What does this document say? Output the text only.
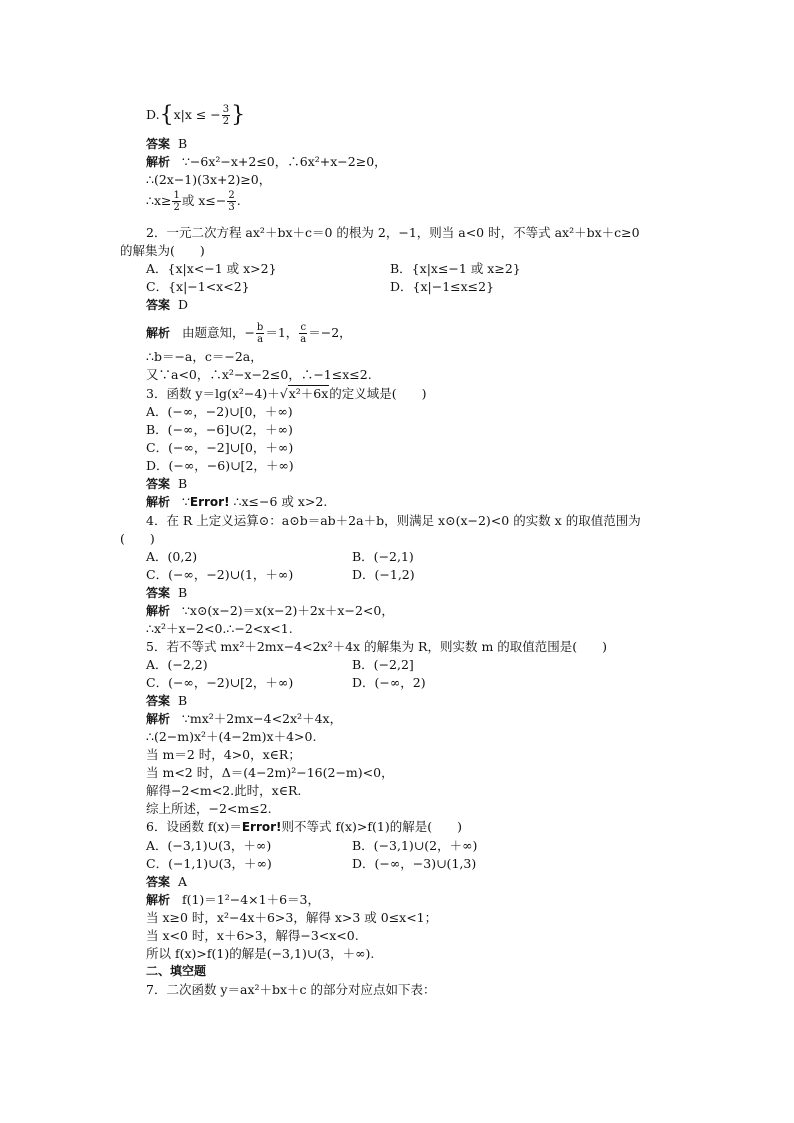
D.{x|x ≤ − $\frac{3}{2}$ }
答案 B
解析 ∵−6x²−x+2≤0，∴6x²+x−2≥0，
∴(2x−1)(3x+2)≥0，
∴x≥ $\frac{1}{2}$ 或 $x\le- \frac{2}{3}$ .
2．一元二次方程 ax²＋bx＋c＝0 的根为 2，−1，则当 a<0 时，不等式 ax²＋bx＋c≥0
的解集为(　　)
A．{x|x<−1 或 x>2}	B．{x|x≤−1 或 x≥2}
C．{x|−1<x<2}	D．{x|−1≤x≤2}
答案 D
解析 由题意知，− $\frac{b}{a} =1$， $\frac{c}{a} =-2$，
∴b＝−a，c＝−2a，
又∵a<0，∴x²−x−2≤0，∴−1≤x≤2.
3．函数 y＝lg(x²−4)＋√x²＋6x的定义域是(　　)
A．(−∞，−2)∪[0，＋∞)
B．(−∞，−6]∪(2，＋∞)
C．(−∞，−2]∪[0，＋∞)
D．(−∞，−6)∪[2，＋∞)
答案 B
解析 ∵Error! ∴x≤−6 或 x>2.
4．在 R 上定义运算⊙：a⊙b＝ab＋2a＋b，则满足 x⊙(x−2)<0 的实数 x 的取值范围为
(　　)
A．(0,2)	B．(−2,1)
C．(−∞，−2)∪(1，＋∞)	D．(−1,2)
答案 B
解析 ∵x⊙(x−2)＝x(x−2)＋2x＋x−2<0，
∴x²＋x−2<0.∴−2<x<1.
5．若不等式 mx²＋2mx−4<2x²＋4x 的解集为 R，则实数 m 的取值范围是(　　)
A．(−2,2)	B．(−2,2]
C．(−∞，−2)∪[2，＋∞)	D．(−∞，2)
答案 B
解析 ∵mx²＋2mx−4<2x²＋4x，
∴(2−m)x²＋(4−2m)x＋4>0.
当 m＝2 时，4>0，x∈R；
当 m<2 时，Δ＝(4−2m)²−16(2−m)<0，
解得−2<m<2.此时，x∈R.
综上所述，−2<m≤2.
6．设函数 f(x)＝Error!则不等式 f(x)>f(1)的解是(　　)
A．(−3,1)∪(3，＋∞)	B．(−3,1)∪(2，＋∞)
C．(−1,1)∪(3，＋∞)	D．(−∞，−3)∪(1,3)
答案 A
解析 f(1)＝1²−4×1＋6＝3，
当 x≥0 时，x²−4x＋6>3，解得 x>3 或 0≤x<1；
当 x<0 时，x＋6>3，解得−3<x<0.
所以 f(x)>f(1)的解是(−3,1)∪(3，＋∞).
二、填空题
7．二次函数 y＝ax²＋bx＋c 的部分对应点如下表：
